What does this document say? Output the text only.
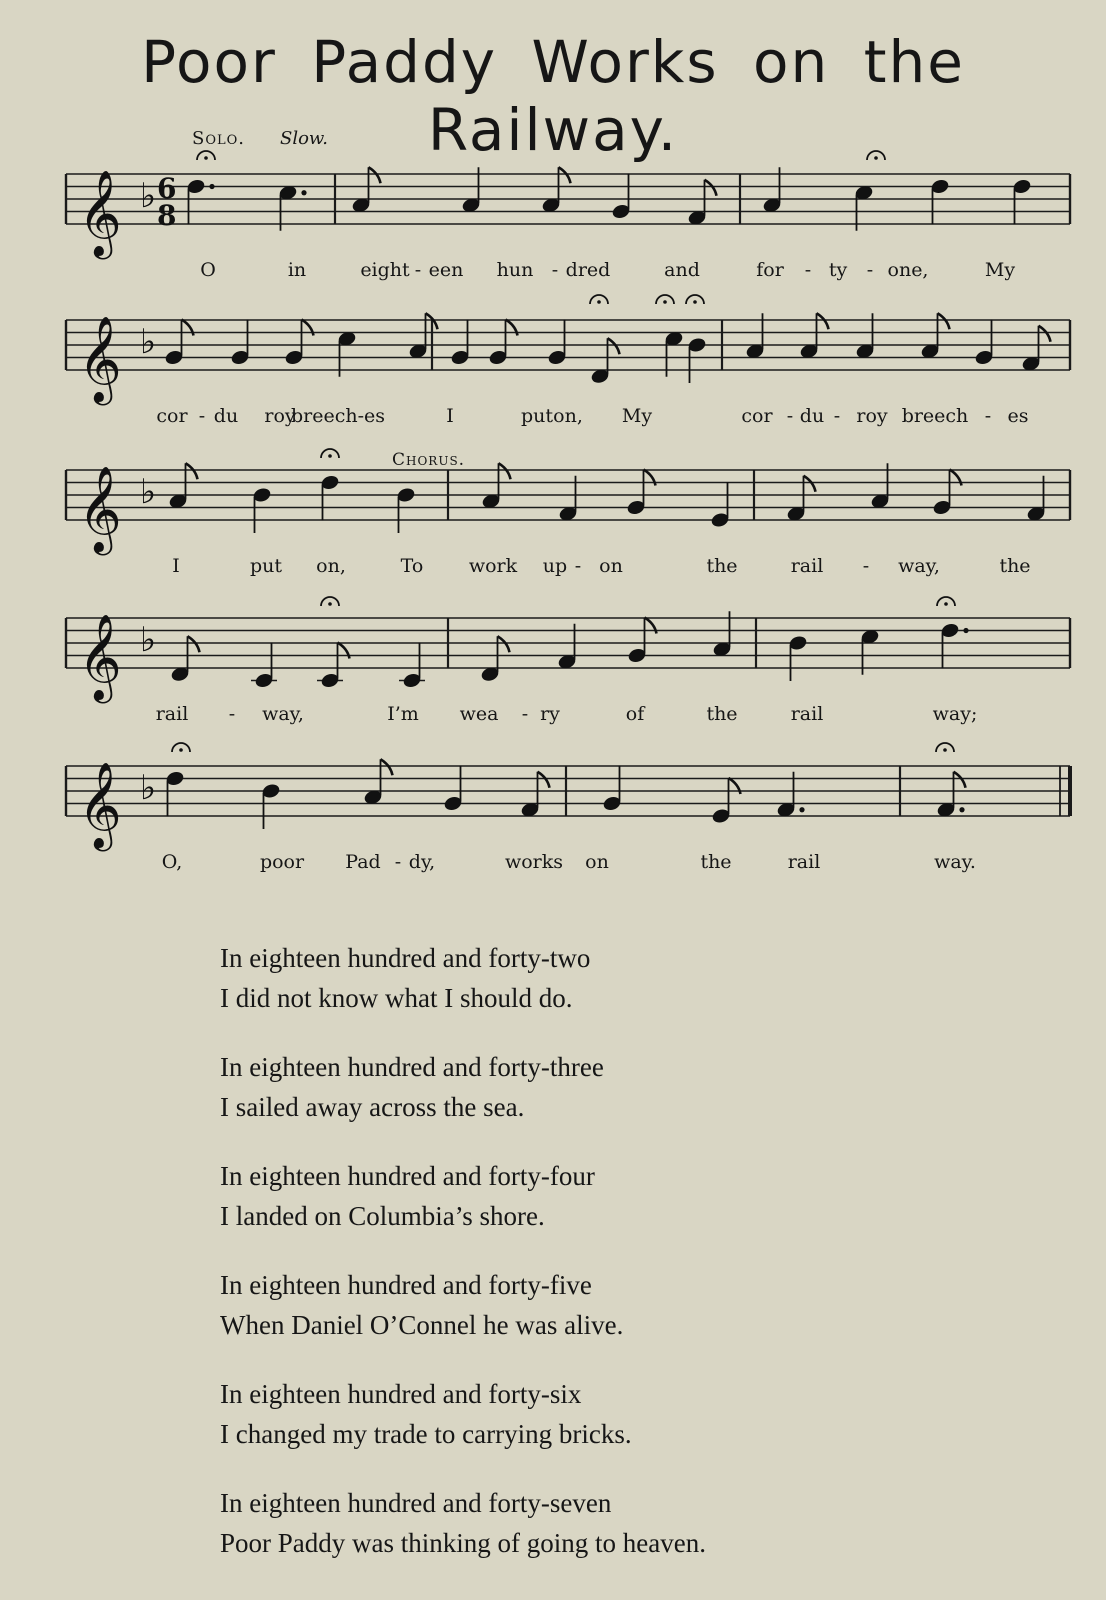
Poor Paddy Works on the Railway.
Solo. Slow.
Chorus.
𝄞 ♭ 6
8
O	in	eight - een hun - dred	and	for - ty - one,	My
𝄞 ♭
cor - du roy
breech-es	I	put on, My	cor - du - roy breech - es
𝄞 ♭
I	put on,	To work up - on	the	rail - way,	the
𝄞 ♭
rail - way,	I’m wea - ry	of	the	rail	way;
𝄞 ♭
O,	poor Pad - dy,	works on	the	rail	way.
In eighteen hundred and forty-two
I did not know what I should do.
In eighteen hundred and forty-three
I sailed away across the sea.
In eighteen hundred and forty-four
I landed on Columbia’s shore.
In eighteen hundred and forty-five
When Daniel O’Connel he was alive.
In eighteen hundred and forty-six
I changed my trade to carrying bricks.
In eighteen hundred and forty-seven
Poor Paddy was thinking of going to heaven.
